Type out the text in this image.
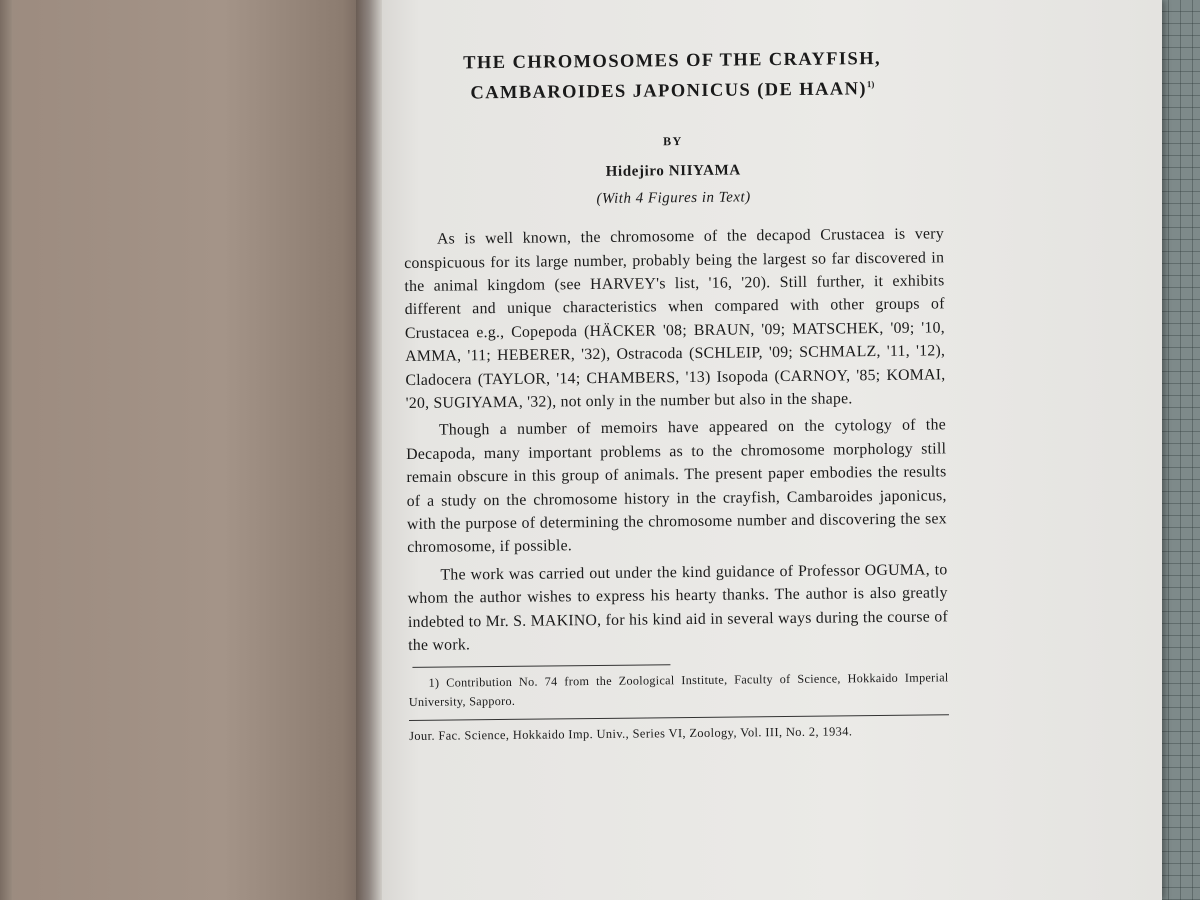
THE CHROMOSOMES OF THE CRAYFISH,
CAMBAROIDES JAPONICUS (DE HAAN)$^{1)}$
BY
Hidejiro NIIYAMA
(With 4 Figures in Text)

As is well known, the chromosome of the decapod Crustacea is very conspicuous for its large number, probably being the largest so far discovered in the animal kingdom (see HARVEY's list, '16, '20). Still further, it exhibits different and unique characteristics when compared with other groups of Crustacea e.g., Copepoda (HÄCKER '08; BRAUN, '09; MATSCHEK, '09; '10, AMMA, '11; HEBERER, '32), Ostracoda (SCHLEIP, '09; SCHMALZ, '11, '12), Cladocera (TAYLOR, '14; CHAMBERS, '13) Isopoda (CARNOY, '85; KOMAI, '20, SUGIYAMA, '32), not only in the number but also in the shape.

Though a number of memoirs have appeared on the cytology of the Decapoda, many important problems as to the chromosome morphology still remain obscure in this group of animals. The present paper embodies the results of a study on the chromosome history in the crayfish, Cambaroides japonicus, with the purpose of determining the chromosome number and discovering the sex chromosome, if possible.

The work was carried out under the kind guidance of Professor OGUMA, to whom the author wishes to express his hearty thanks. The author is also greatly indebted to Mr. S. MAKINO, for his kind aid in several ways during the course of the work.

1) Contribution No. 74 from the Zoological Institute, Faculty of Science, Hokkaido Imperial University, Sapporo.

Jour. Fac. Science, Hokkaido Imp. Univ., Series VI, Zoology, Vol. III, No. 2, 1934.
